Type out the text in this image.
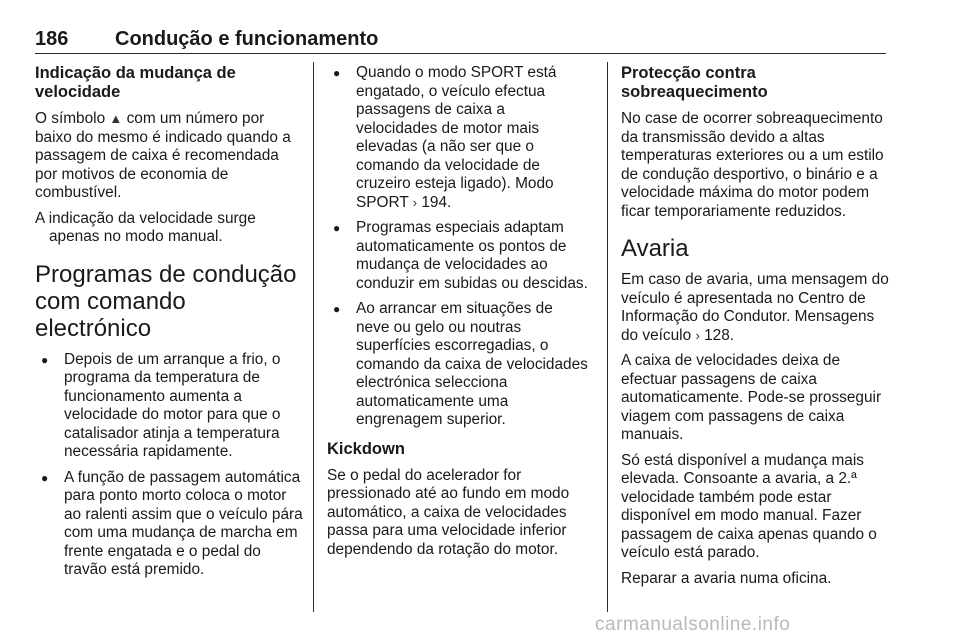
186 Condução e funcionamento
Indicação da mudança de
velocidade

O símbolo ▲ com um número por baixo do mesmo é indicado quando a passagem de caixa é recomendada por motivos de economia de combustível.

A indicação da velocidade surge apenas no modo manual.

Programas de condução
com comando electrónico
● Depois de um arranque a frio, o programa da temperatura de funcionamento aumenta a velocidade do motor para que o catalisador atinja a temperatura necessária rapidamente.
● A função de passagem automática para ponto morto coloca o motor ao ralenti assim que o veículo pára com uma mudança de marcha em frente engatada e o pedal do travão está premido.
● Quando o modo SPORT está engatado, o veículo efectua passagens de caixa a velocidades de motor mais elevadas (a não ser que o comando da velocidade de cruzeiro esteja ligado). Modo SPORT › 194.
● Programas especiais adaptam automaticamente os pontos de mudança de velocidades ao conduzir em subidas ou descidas.
● Ao arrancar em situações de neve ou gelo ou noutras superfícies escorregadias, o comando da caixa de velocidades electrónica selecciona automaticamente uma engrenagem superior.
Kickdown

Se o pedal do acelerador for pressionado até ao fundo em modo automático, a caixa de velocidades passa para uma velocidade inferior dependendo da rotação do motor.

Protecção contra
sobreaquecimento

No case de ocorrer sobreaquecimento da transmissão devido a altas temperaturas exteriores ou a um estilo de condução desportivo, o binário e a velocidade máxima do motor podem ficar temporariamente reduzidos.

Avaria

Em caso de avaria, uma mensagem do veículo é apresentada no Centro de Informação do Condutor. Mensagens do veículo › 128.

A caixa de velocidades deixa de efectuar passagens de caixa automaticamente. Pode-se prosseguir viagem com passagens de caixa manuais.

Só está disponível a mudança mais elevada. Consoante a avaria, a 2.ª velocidade também pode estar disponível em modo manual. Fazer passagem de caixa apenas quando o veículo está parado.

Reparar a avaria numa oficina.

carmanualsonline.info
